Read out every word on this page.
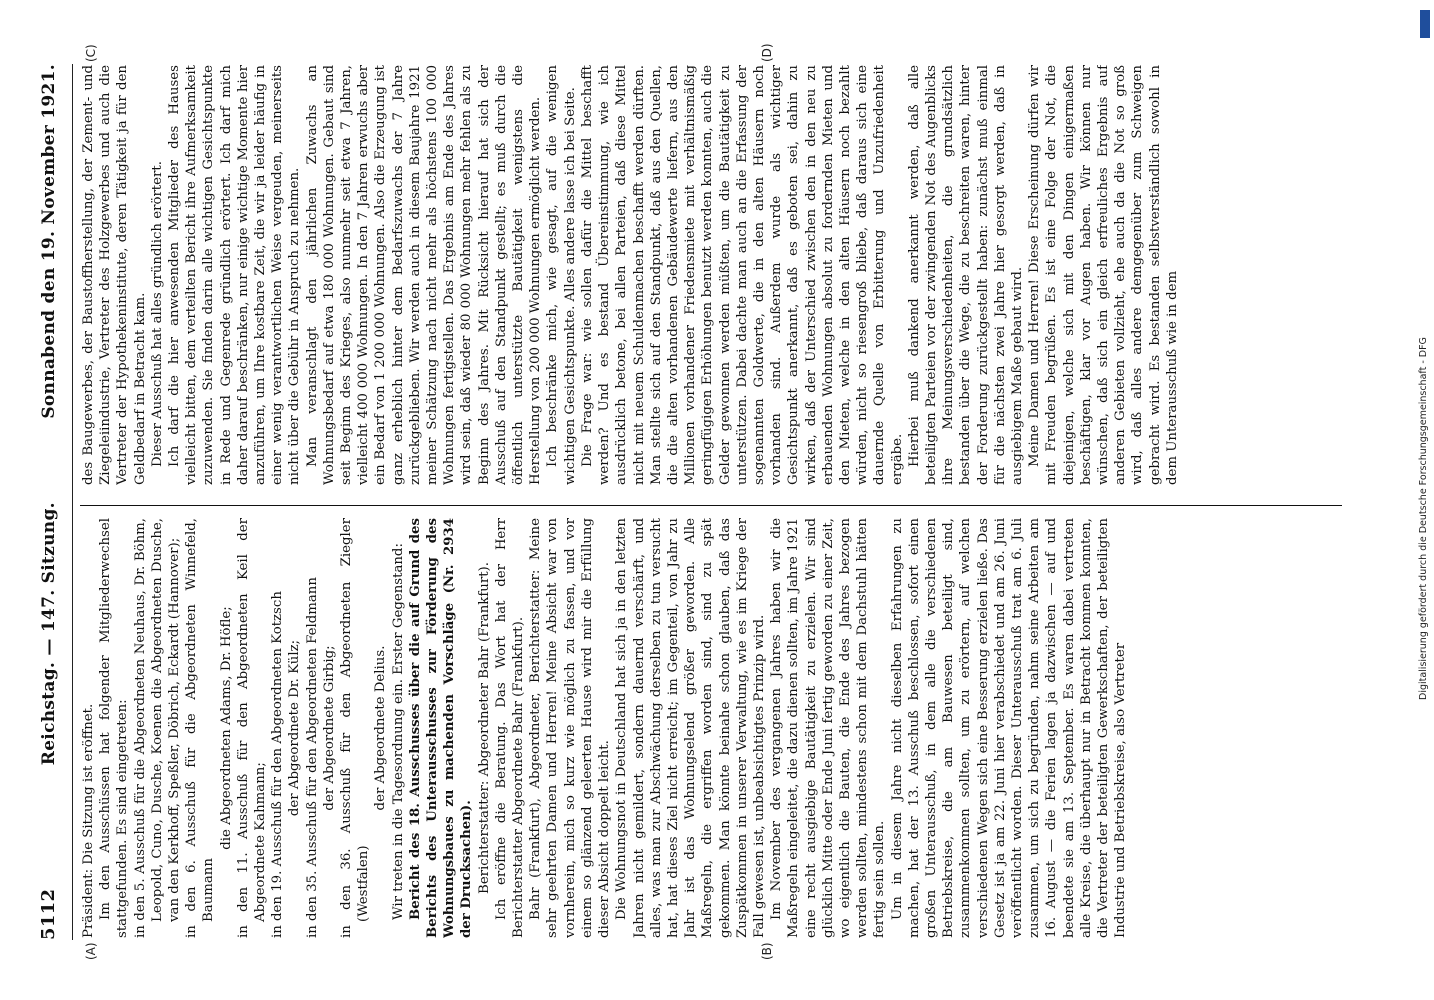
5112
Reichstag. — 147. Sitzung.
Sonnabend den 19. November 1921.
(A)	(B)
(C)	(D)

Präsident: Die Sitzung ist eröffnet. Im den Ausschüssen hat folgender Mitgliederwechsel stattgefunden. Es sind eingetreten: in den 5. Ausschuß für die Abgeordneten Neuhaus, Dr. Böhm, Leopold, Cuno, Dusche, Koenen die Abgeordneten Dusche, van den Kerkhoff, Speßler, Döbrich, Eckardt (Hannover); in den 6. Ausschuß für die Abgeordneten Winnefeld, Baumann

die Abgeordneten Adams, Dr. Höfle; in den 11. Ausschuß für den Abgeordneten Keil der Abgeordnete Kahmann; in den 19. Ausschuß für den Abgeordneten Kotzsch der Abgeordnete Dr. Külz; in den 35. Ausschuß für den Abgeordneten Feldmann der Abgeordnete Girbig; in den 36. Ausschuß für den Abgeordneten Ziegler (Westfalen)

der Abgeordnete Delius. Wir treten in die Tagesordnung ein. Erster Gegenstand: Bericht des 18. Ausschusses über die auf Grund des Berichts des Unterausschusses zur Förderung des Wohnungsbaues zu machenden Vorschläge (Nr. 2934 der Drucksachen). Berichterstatter: Abgeordneter Bahr (Frankfurt). Ich eröffne die Beratung. Das Wort hat der Herr Berichterstatter Abgeordnete Bahr (Frankfurt). Bahr (Frankfurt), Abgeordneter, Berichterstatter: Meine sehr geehrten Damen und Herren! Meine Absicht war von vornherein, mich so kurz wie möglich zu fassen, und vor einem so glänzend geleerten Hause wird mir die Erfüllung dieser Absicht doppelt leicht. Die Wohnungsnot in Deutschland hat sich ja in den letzten Jahren nicht gemildert, sondern dauernd verschärft, und alles, was man zur Abschwächung derselben zu tun versucht hat, hat dieses Ziel nicht erreicht; im Gegenteil, von Jahr zu Jahr ist das Wohnungselend größer geworden. Alle Maßregeln, die ergriffen worden sind, sind zu spät gekommen. Man könnte beinahe schon glauben, daß das Zuspätkommen in unserer Verwaltung, wie es im Kriege der Fall gewesen ist, unbeabsichtigtes Prinzip wird. Im November des vergangenen Jahres haben wir die Maßregeln eingeleitet, die dazu dienen sollten, im Jahre 1921 eine recht ausgiebige Bautätigkeit zu erzielen. Wir sind glücklich Mitte oder Ende Juni fertig geworden zu einer Zeit, wo eigentlich die Bauten, die Ende des Jahres bezogen werden sollten, mindestens schon mit dem Dachstuhl hätten fertig sein sollen. Um in diesem Jahre nicht dieselben Erfahrungen zu machen, hat der 13. Ausschuß beschlossen, sofort einen großen Unterausschuß, in dem alle die verschiedenen Betriebskreise, die am Bauwesen beteiligt sind, zusammenkommen sollten, um zu erörtern, auf welchen verschiedenen Wegen sich eine Besserung erzielen ließe. Das Gesetz ist ja am 22. Juni hier verabschiedet und am 26. Juni veröffentlicht worden. Dieser Unterausschuß trat am 6. Juli zusammen, um sich zu begründen, nahm seine Arbeiten am 16. August — die Ferien lagen ja dazwischen — auf und beendete sie am 13. September. Es waren dabei vertreten alle Kreise, die überhaupt nur in Betracht kommen konnten, die Vertreter der beteiligten Gewerkschaften, der beteiligten Industrie und Betriebskreise, also Vertreter

des Baugewerbes, der Baustoffherstellung, der Zement- und Ziegeleiindustrie, Vertreter des Holzgewerbes und auch die Vertreter der Hypothekeninstitute, deren Tätigkeit ja für den Geldbedarf in Betracht kam. Dieser Ausschuß hat alles gründlich erörtert. Ich darf die hier anwesenden Mitglieder des Hauses vielleicht bitten, dem verteilten Bericht ihre Aufmerksamkeit zuzuwenden. Sie finden darin alle wichtigen Gesichtspunkte in Rede und Gegenrede gründlich erörtert. Ich darf mich daher darauf beschränken, nur einige wichtige Momente hier anzuführen, um Ihre kostbare Zeit, die wir ja leider häufig in einer wenig verantwortlichen Weise vergeuden, meinerseits nicht über die Gebühr in Anspruch zu nehmen. Man veranschlagt den jährlichen Zuwachs an Wohnungsbedarf auf etwa 180 000 Wohnungen. Gebaut sind seit Beginn des Krieges, also nunmehr seit etwa 7 Jahren, vielleicht 400 000 Wohnungen. In den 7 Jahren erwuchs aber ein Bedarf von 1 200 000 Wohnungen. Also die Erzeugung ist ganz erheblich hinter dem Bedarfszuwachs der 7 Jahre zurückgeblieben. Wir werden auch in diesem Baujahre 1921 meiner Schätzung nach nicht mehr als höchstens 100 000 Wohnungen fertigstellen. Das Ergebnis am Ende des Jahres wird sein, daß wieder 80 000 Wohnungen mehr fehlen als zu Beginn des Jahres. Mit Rücksicht hierauf hat sich der Ausschuß auf den Standpunkt gestellt; es muß durch die öffentlich unterstützte Bautätigkeit wenigstens die Herstellung von 200 000 Wohnungen ermöglicht werden. Ich beschränke mich, wie gesagt, auf die wenigen wichtigen Gesichtspunkte. Alles andere lasse ich bei Seite. Die Frage war: wie sollen dafür die Mittel beschafft werden? Und es bestand Übereinstimmung, wie ich ausdrücklich betone, bei allen Parteien, daß diese Mittel nicht mit neuem Schuldenmachen beschafft werden dürften. Man stellte sich auf den Standpunkt, daß aus den Quellen, die die alten vorhandenen Gebäudewerte liefern, aus den Millionen vorhandener Friedensmiete mit verhältnismäßig geringfügigen Erhöhungen benutzt werden konnten, auch die Gelder gewonnen werden müßten, um die Bautätigkeit zu unterstützen. Dabei dachte man auch an die Erfassung der sogenannten Goldwerte, die in den alten Häusern noch vorhanden sind. Außerdem wurde als wichtiger Gesichtspunkt anerkannt, daß es geboten sei, dahin zu wirken, daß der Unterschied zwischen den in den neu zu erbauenden Wohnungen absolut zu fordernden Mieten und den Mieten, welche in den alten Häusern noch bezahlt würden, nicht so riesengroß bliebe, daß daraus sich eine dauernde Quelle von Erbitterung und Unzufriedenheit ergäbe. Hierbei muß dankend anerkannt werden, daß alle beteiligten Parteien vor der zwingenden Not des Augenblicks ihre Meinungsverschiedenheiten, die grundsätzlich bestanden über die Wege, die zu beschreiten waren, hinter der Forderung zurückgestellt haben: zunächst muß einmal für die nächsten zwei Jahre hier gesorgt werden, daß in ausgiebigem Maße gebaut wird. Meine Damen und Herren! Diese Erscheinung dürfen wir mit Freuden begrüßen. Es ist eine Folge der Not, die diejenigen, welche sich mit den Dingen einigermaßen beschäftigen, klar vor Augen haben. Wir können nur wünschen, daß sich ein gleich erfreuliches Ergebnis auf anderen Gebieten vollzieht, ehe auch da die Not so groß wird, daß alles andere demgegenüber zum Schweigen gebracht wird. Es bestanden selbstverständlich sowohl in dem Unterausschuß wie in dem	Digitalisierung gefördert durch die Deutsche Forschungsgemeinschaft - DFG
